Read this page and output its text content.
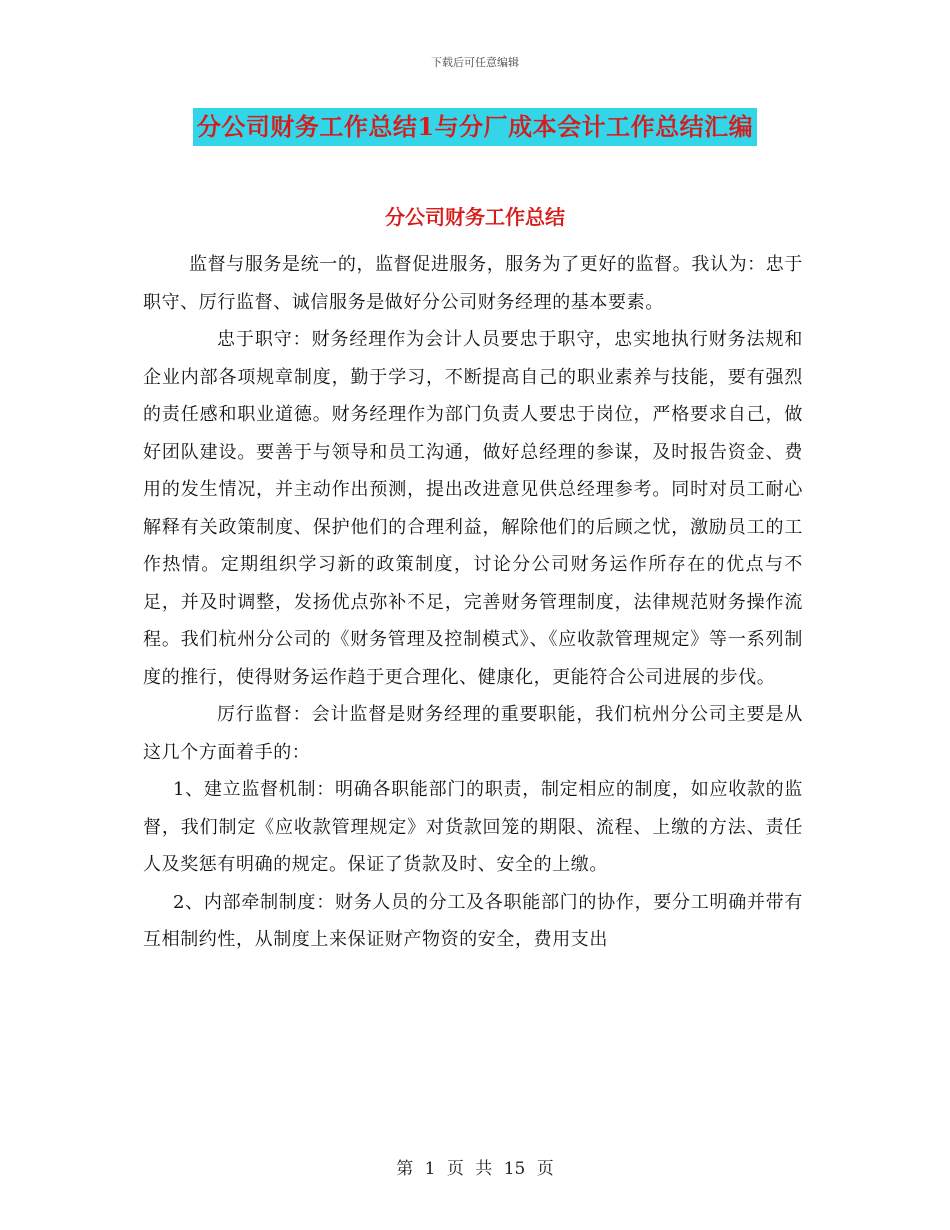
下载后可任意编辑
分公司财务工作总结1与分厂成本会计工作总结汇编
分公司财务工作总结

监督与服务是统一的，监督促进服务，服务为了更好的监督。我认为：忠于职守、厉行监督、诚信服务是做好分公司财务经理的基本要素。

忠于职守：财务经理作为会计人员要忠于职守，忠实地执行财务法规和企业内部各项规章制度，勤于学习，不断提高自己的职业素养与技能，要有强烈的责任感和职业道德。财务经理作为部门负责人要忠于岗位，严格要求自己，做好团队建设。要善于与领导和员工沟通，做好总经理的参谋，及时报告资金、费用的发生情况，并主动作出预测，提出改进意见供总经理参考。同时对员工耐心解释有关政策制度、保护他们的合理利益，解除他们的后顾之忧，激励员工的工作热情。定期组织学习新的政策制度，讨论分公司财务运作所存在的优点与不足，并及时调整，发扬优点弥补不足，完善财务管理制度，法律规范财务操作流程。我们杭州分公司的《财务管理及控制模式》、《应收款管理规定》等一系列制度的推行，使得财务运作趋于更合理化、健康化，更能符合公司进展的步伐。

厉行监督：会计监督是财务经理的重要职能，我们杭州分公司主要是从这几个方面着手的：

1、建立监督机制：明确各职能部门的职责，制定相应的制度，如应收款的监督，我们制定《应收款管理规定》对货款回笼的期限、流程、上缴的方法、责任人及奖惩有明确的规定。保证了货款及时、安全的上缴。

2、内部牵制制度：财务人员的分工及各职能部门的协作，要分工明确并带有互相制约性，从制度上来保证财产物资的安全，费用支出

第 1 页 共 15 页
